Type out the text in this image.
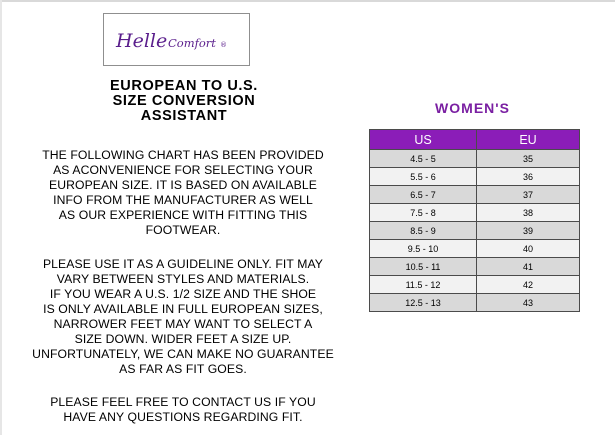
Helle Comfort ®
EUROPEAN TO U.S.
SIZE CONVERSION
ASSISTANT
THE FOLLOWING CHART HAS BEEN PROVIDED
AS ACONVENIENCE FOR SELECTING YOUR
EUROPEAN SIZE. IT IS BASED ON AVAILABLE
INFO FROM THE MANUFACTURER AS WELL
AS OUR EXPERIENCE WITH FITTING THIS
FOOTWEAR.
PLEASE USE IT AS A GUIDELINE ONLY. FIT MAY
VARY BETWEEN STYLES AND MATERIALS.
IF YOU WEAR A U.S. 1/2 SIZE AND THE SHOE
IS ONLY AVAILABLE IN FULL EUROPEAN SIZES,
NARROWER FEET MAY WANT TO SELECT A
SIZE DOWN. WIDER FEET A SIZE UP.
UNFORTUNATELY, WE CAN MAKE NO GUARANTEE
AS FAR AS FIT GOES.
PLEASE FEEL FREE TO CONTACT US IF YOU
HAVE ANY QUESTIONS REGARDING FIT.
WOMEN'S
US	EU
4.5 - 5	35
5.5 - 6	36
6.5 - 7	37
7.5 - 8	38
8.5 - 9	39
9.5 - 10	40
10.5 - 11	41
11.5 - 12	42
12.5 - 13	43
